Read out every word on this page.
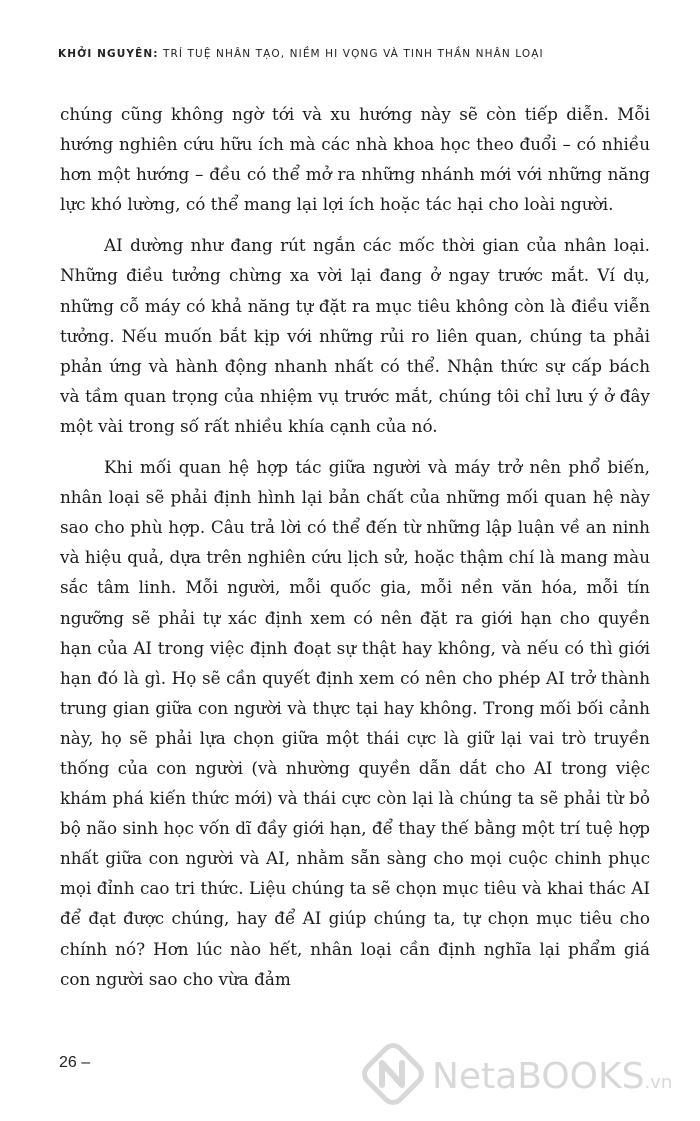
KHỞI NGUYÊN: TRÍ TUỆ NHÂN TẠO, NIỀM HI VỌNG VÀ TINH THẦN NHÂN LOẠI

chúng cũng không ngờ tới và xu hướng này sẽ còn tiếp diễn. Mỗi hướng nghiên cứu hữu ích mà các nhà khoa học theo đuổi – có nhiều hơn một hướng – đều có thể mở ra những nhánh mới với những năng lực khó lường, có thể mang lại lợi ích hoặc tác hại cho loài người.

AI dường như đang rút ngắn các mốc thời gian của nhân loại. Những điều tưởng chừng xa vời lại đang ở ngay trước mắt. Ví dụ, những cỗ máy có khả năng tự đặt ra mục tiêu không còn là điều viễn tưởng. Nếu muốn bắt kịp với những rủi ro liên quan, chúng ta phải phản ứng và hành động nhanh nhất có thể. Nhận thức sự cấp bách và tầm quan trọng của nhiệm vụ trước mắt, chúng tôi chỉ lưu ý ở đây một vài trong số rất nhiều khía cạnh của nó.

Khi mối quan hệ hợp tác giữa người và máy trở nên phổ biến, nhân loại sẽ phải định hình lại bản chất của những mối quan hệ này sao cho phù hợp. Câu trả lời có thể đến từ những lập luận về an ninh và hiệu quả, dựa trên nghiên cứu lịch sử, hoặc thậm chí là mang màu sắc tâm linh. Mỗi người, mỗi quốc gia, mỗi nền văn hóa, mỗi tín ngưỡng sẽ phải tự xác định xem có nên đặt ra giới hạn cho quyền hạn của AI trong việc định đoạt sự thật hay không, và nếu có thì giới hạn đó là gì. Họ sẽ cần quyết định xem có nên cho phép AI trở thành trung gian giữa con người và thực tại hay không. Trong mối bối cảnh này, họ sẽ phải lựa chọn giữa một thái cực là giữ lại vai trò truyền thống của con người (và nhường quyền dẫn dắt cho AI trong việc khám phá kiến thức mới) và thái cực còn lại là chúng ta sẽ phải từ bỏ bộ não sinh học vốn dĩ đầy giới hạn, để thay thế bằng một trí tuệ hợp nhất giữa con người và AI, nhằm sẵn sàng cho mọi cuộc chinh phục mọi đỉnh cao tri thức. Liệu chúng ta sẽ chọn mục tiêu và khai thác AI để đạt được chúng, hay để AI giúp chúng ta, tự chọn mục tiêu cho chính nó? Hơn lúc nào hết, nhân loại cần định nghĩa lại phẩm giá con người sao cho vừa đảm

26 –	NetaBOOKS.vn
